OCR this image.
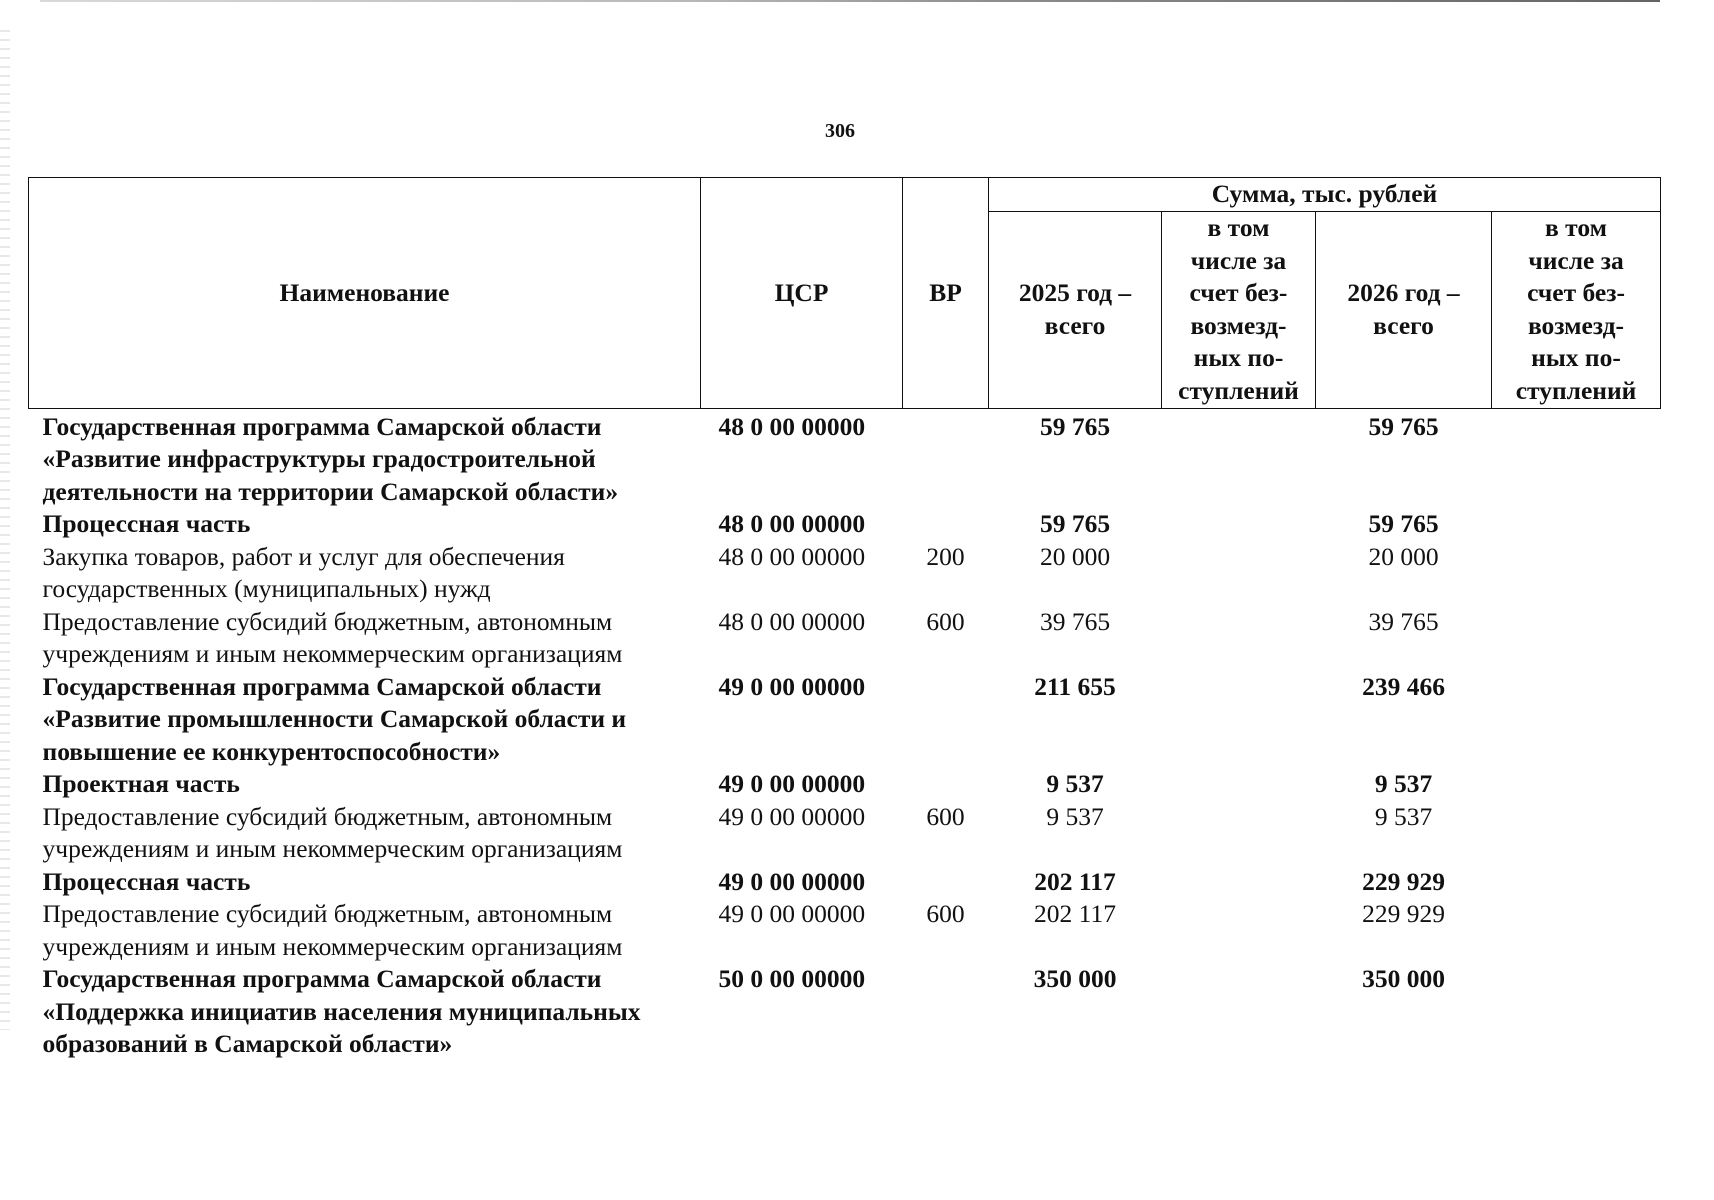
306
Наименование	ЦСР	ВР	Сумма, тыс. рублей			
			2025 год – всего	в том числе за счет без-возмезд-ных по-ступлений	2026 год – всего	в том числе за счет без-возмезд-ных по-ступлений
Государственная программа Самарской области «Развитие инфраструктуры градостроительной деятельности на территории Самарской области»	48 0 00 00000		59 765		59 765	
Процессная часть	48 0 00 00000		59 765		59 765	
Закупка товаров, работ и услуг для обеспечения государственных (муниципальных) нужд	48 0 00 00000	200	20 000		20 000	
Предоставление субсидий бюджетным, автономным учреждениям и иным некоммерческим организациям	48 0 00 00000	600	39 765		39 765	
Государственная программа Самарской области «Развитие промышленности Самарской области и повышение ее конкурентоспособности»	49 0 00 00000		211 655		239 466	
Проектная часть	49 0 00 00000		9 537		9 537	
Предоставление субсидий бюджетным, автономным учреждениям и иным некоммерческим организациям	49 0 00 00000	600	9 537		9 537	
Процессная часть	49 0 00 00000		202 117		229 929	
Предоставление субсидий бюджетным, автономным учреждениям и иным некоммерческим организациям	49 0 00 00000	600	202 117		229 929	
Государственная программа Самарской области «Поддержка инициатив населения муниципальных образований в Самарской области»	50 0 00 00000		350 000		350 000	
